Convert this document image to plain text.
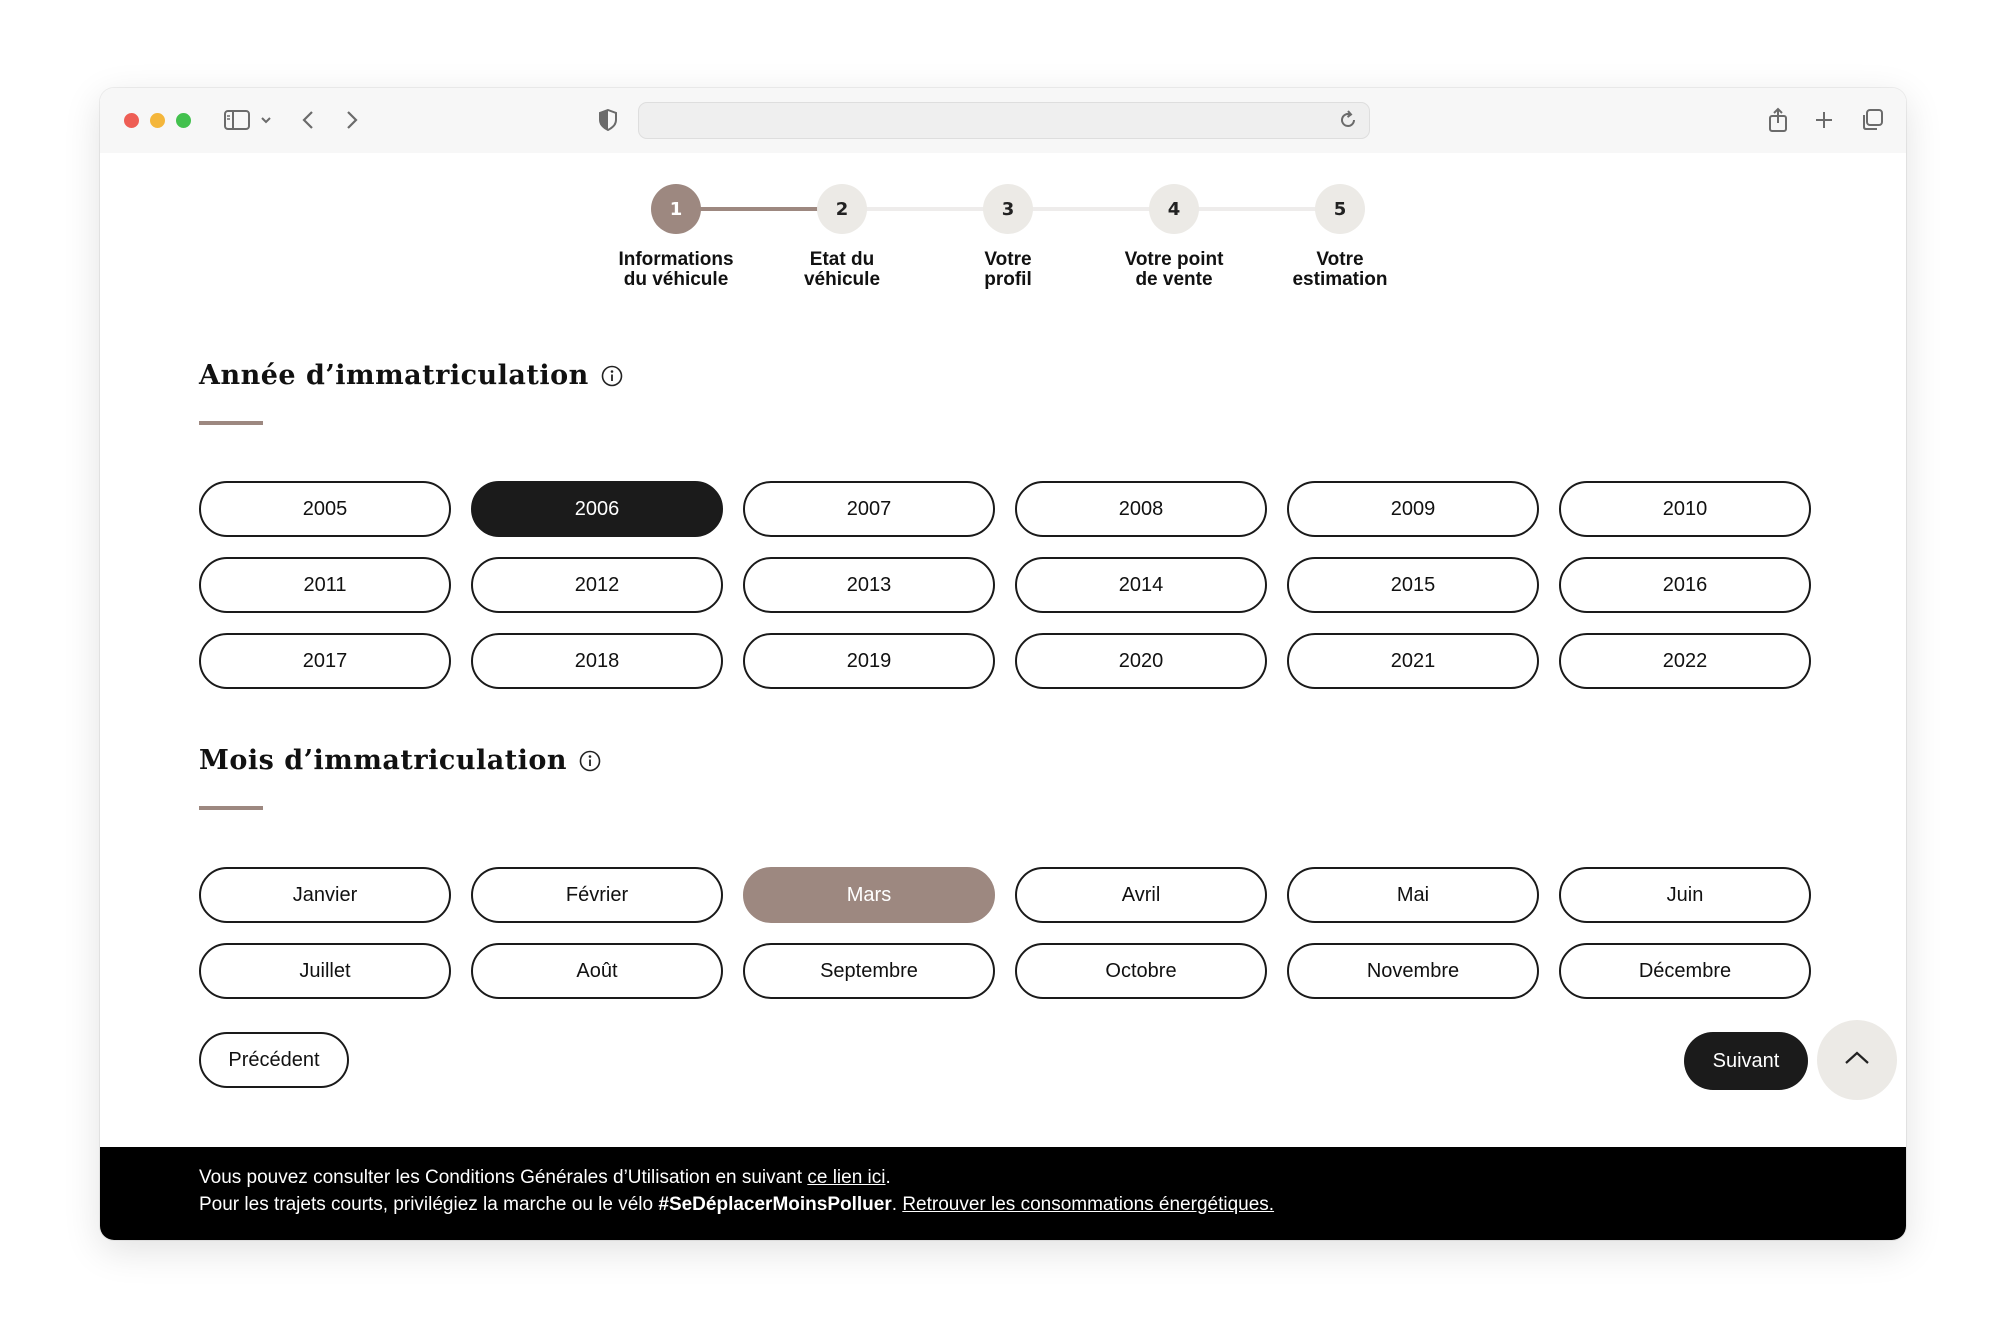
1	2	3	4	5
Informations
du véhicule
Etat du
véhicule
Votre
profil
Votre point
de vente
Votre
estimation
Année d’immatriculation
2005	2006	2007	2008	2009	2010
2011	2012	2013	2014	2015	2016
2017	2018	2019	2020	2021	2022
Mois d’immatriculation
Janvier	Février	Mars	Avril	Mai	Juin
Juillet	Août	Septembre	Octobre	Novembre	Décembre
Précédent	Suivant
Vous pouvez consulter les Conditions Générales d’Utilisation en suivant ce lien ici.
Pour les trajets courts, privilégiez la marche ou le vélo #SeDéplacerMoinsPolluer. Retrouver les consommations énergétiques.
